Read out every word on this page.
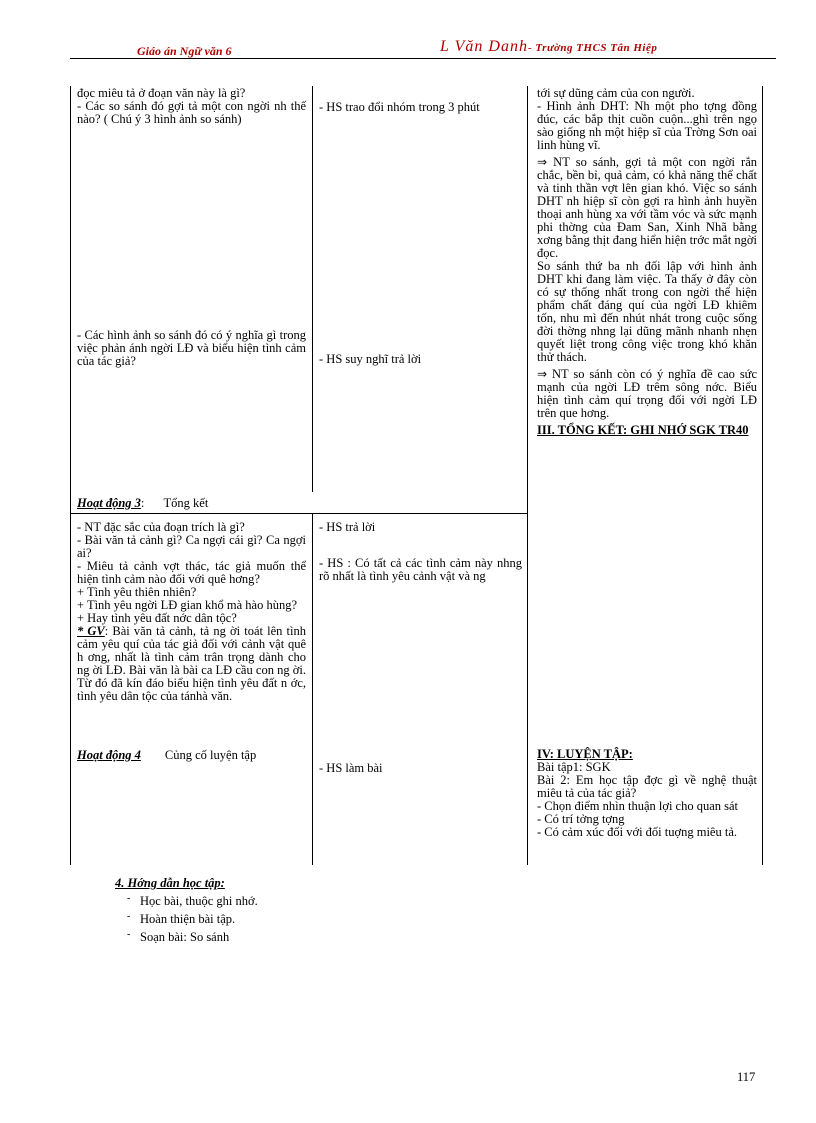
Giáo án Ngữ văn 6	L Văn Danh- Trường THCS Tân Hiệp

đọc miêu tả ở đoạn văn này là gì?

- Các so sánh đó gợi tả một con ngời nh thế nào? ( Chú ý 3 hình ảnh so sánh)

- Các hình ảnh so sánh đó có ý nghĩa gì trong việc phản ánh ngời LĐ và biểu hiện tình cảm của tác giả?

- HS trao đổi nhóm trong 3 phút

- HS suy nghĩ trả lời

tới sự dũng cảm của con người.

- Hình ảnh DHT: Nh một pho tợng đồng đúc, các bắp thịt cuồn cuộn...ghì trên ngọ sào giống nh một hiệp sĩ của Trờng Sơn oai linh hùng vĩ.

⇒ NT so sánh, gợi tả một con ngời rắn chắc, bền bỉ, quả cảm, có khả năng thể chất và tinh thần vợt lên gian khó. Việc so sánh DHT nh hiệp sĩ còn gợi ra hình ảnh huyền thoại anh hùng xa với tầm vóc và sức mạnh phi thờng của Đam San, Xinh Nhã bằng xơng bằng thịt đang hiển hiện trớc mắt ngời đọc.

So sánh thứ ba nh đối lập với hình ảnh DHT khi đang làm việc. Ta thấy ở đây còn có sự thống nhất trong con ngời thể hiện phẩm chất đáng quí của ngời LĐ khiêm tốn, nhu mì đến nhút nhát trong cuộc sống đời thờng nhng lại dũng mãnh nhanh nhẹn quyết liệt trong công việc trong khó khăn thử thách.

⇒ NT so sánh còn có ý nghĩa đề cao sức mạnh của ngời LĐ trêm sông nớc. Biểu hiện tình cảm quí trọng đối với ngời LĐ trên que hơng.

III. TỔNG KẾT: GHI NHỚ SGK TR40

Hoạt động 3: Tổng kết

- NT đặc sắc của đoạn trích là gì?

- Bài văn tả cảnh gì? Ca ngợi cái gì? Ca ngợi ai?

- Miêu tả cảnh vợt thác, tác giả muốn thể hiện tình cảm nào đối với quê hơng?

+ Tình yêu thiên nhiên?

+ Tình yêu ngời LĐ gian khổ mà hào hùng?

+ Hay tình yêu đất nớc dân tộc?

* GV: Bài văn tả cảnh, tả ng ời toát lên tình cảm yêu quí của tác giả đối với cảnh vật quê h ơng, nhất là tình cảm trân trọng dành cho ng ời LĐ. Bài văn là bài ca LĐ cầu con ng ời. Từ đó đã kín đáo biểu hiện tình yêu đất n ớc, tình yêu dân tộc của tánhà văn.

- HS trả lời

- HS : Có tất cả các tình cảm này nhng rõ nhất là tình yêu cảnh vật và ng

Hoạt động 4 Củng cố luyện tập

- HS làm bài

IV: LUYỆN TẬP:

Bài tập1: SGK

Bài 2: Em học tập đợc gì về nghệ thuật miêu tả của tác giả?

- Chọn điểm nhìn thuận lợi cho quan sát

- Có trí tởng tợng

- Có cảm xúc đối với đối tuợng miêu tả.

4. Hớng dẫn học tập:
- Học bài, thuộc ghi nhớ.
- Hoàn thiện bài tập.
- Soạn bài: So sánh
117
